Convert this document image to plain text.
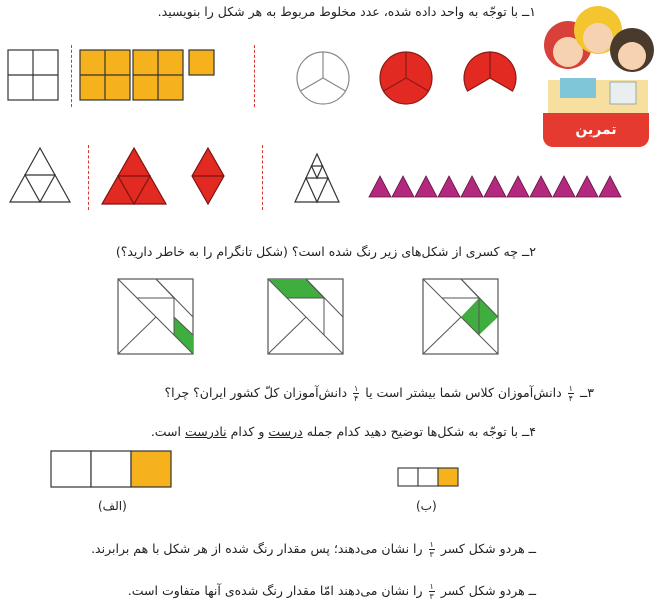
۱ــ با توجّه به واحد داده شده، عدد مخلوط مربوط به هر شکل را بنویسید.
تمرین
۲ــ چه کسری از شکل‌های زیر رنگ شده است؟ (شکل تانگرام را به خاطر دارید؟)
۳ــ
$\frac{۱}{۴}$
دانش‌آموزان کلاس شما بیشتر است یا
$\frac{۱}{۴}$
دانش‌آموزان کلّ کشور ایران؟ چرا؟
۴ــ با توجّه به شکل‌ها توضیح دهید کدام جمله درست و کدام نادرست است.
(الف)	(ب)
ــ هردو شکل کسر
$\frac{۱}{۳}$
را نشان می‌دهند؛ پس مقدار رنگ شده از هر شکل با هم برابرند.
ــ هردو شکل کسر
$\frac{۱}{۳}$
را نشان می‌دهند امّا مقدار رنگ شده‌ی آنها متفاوت است.
